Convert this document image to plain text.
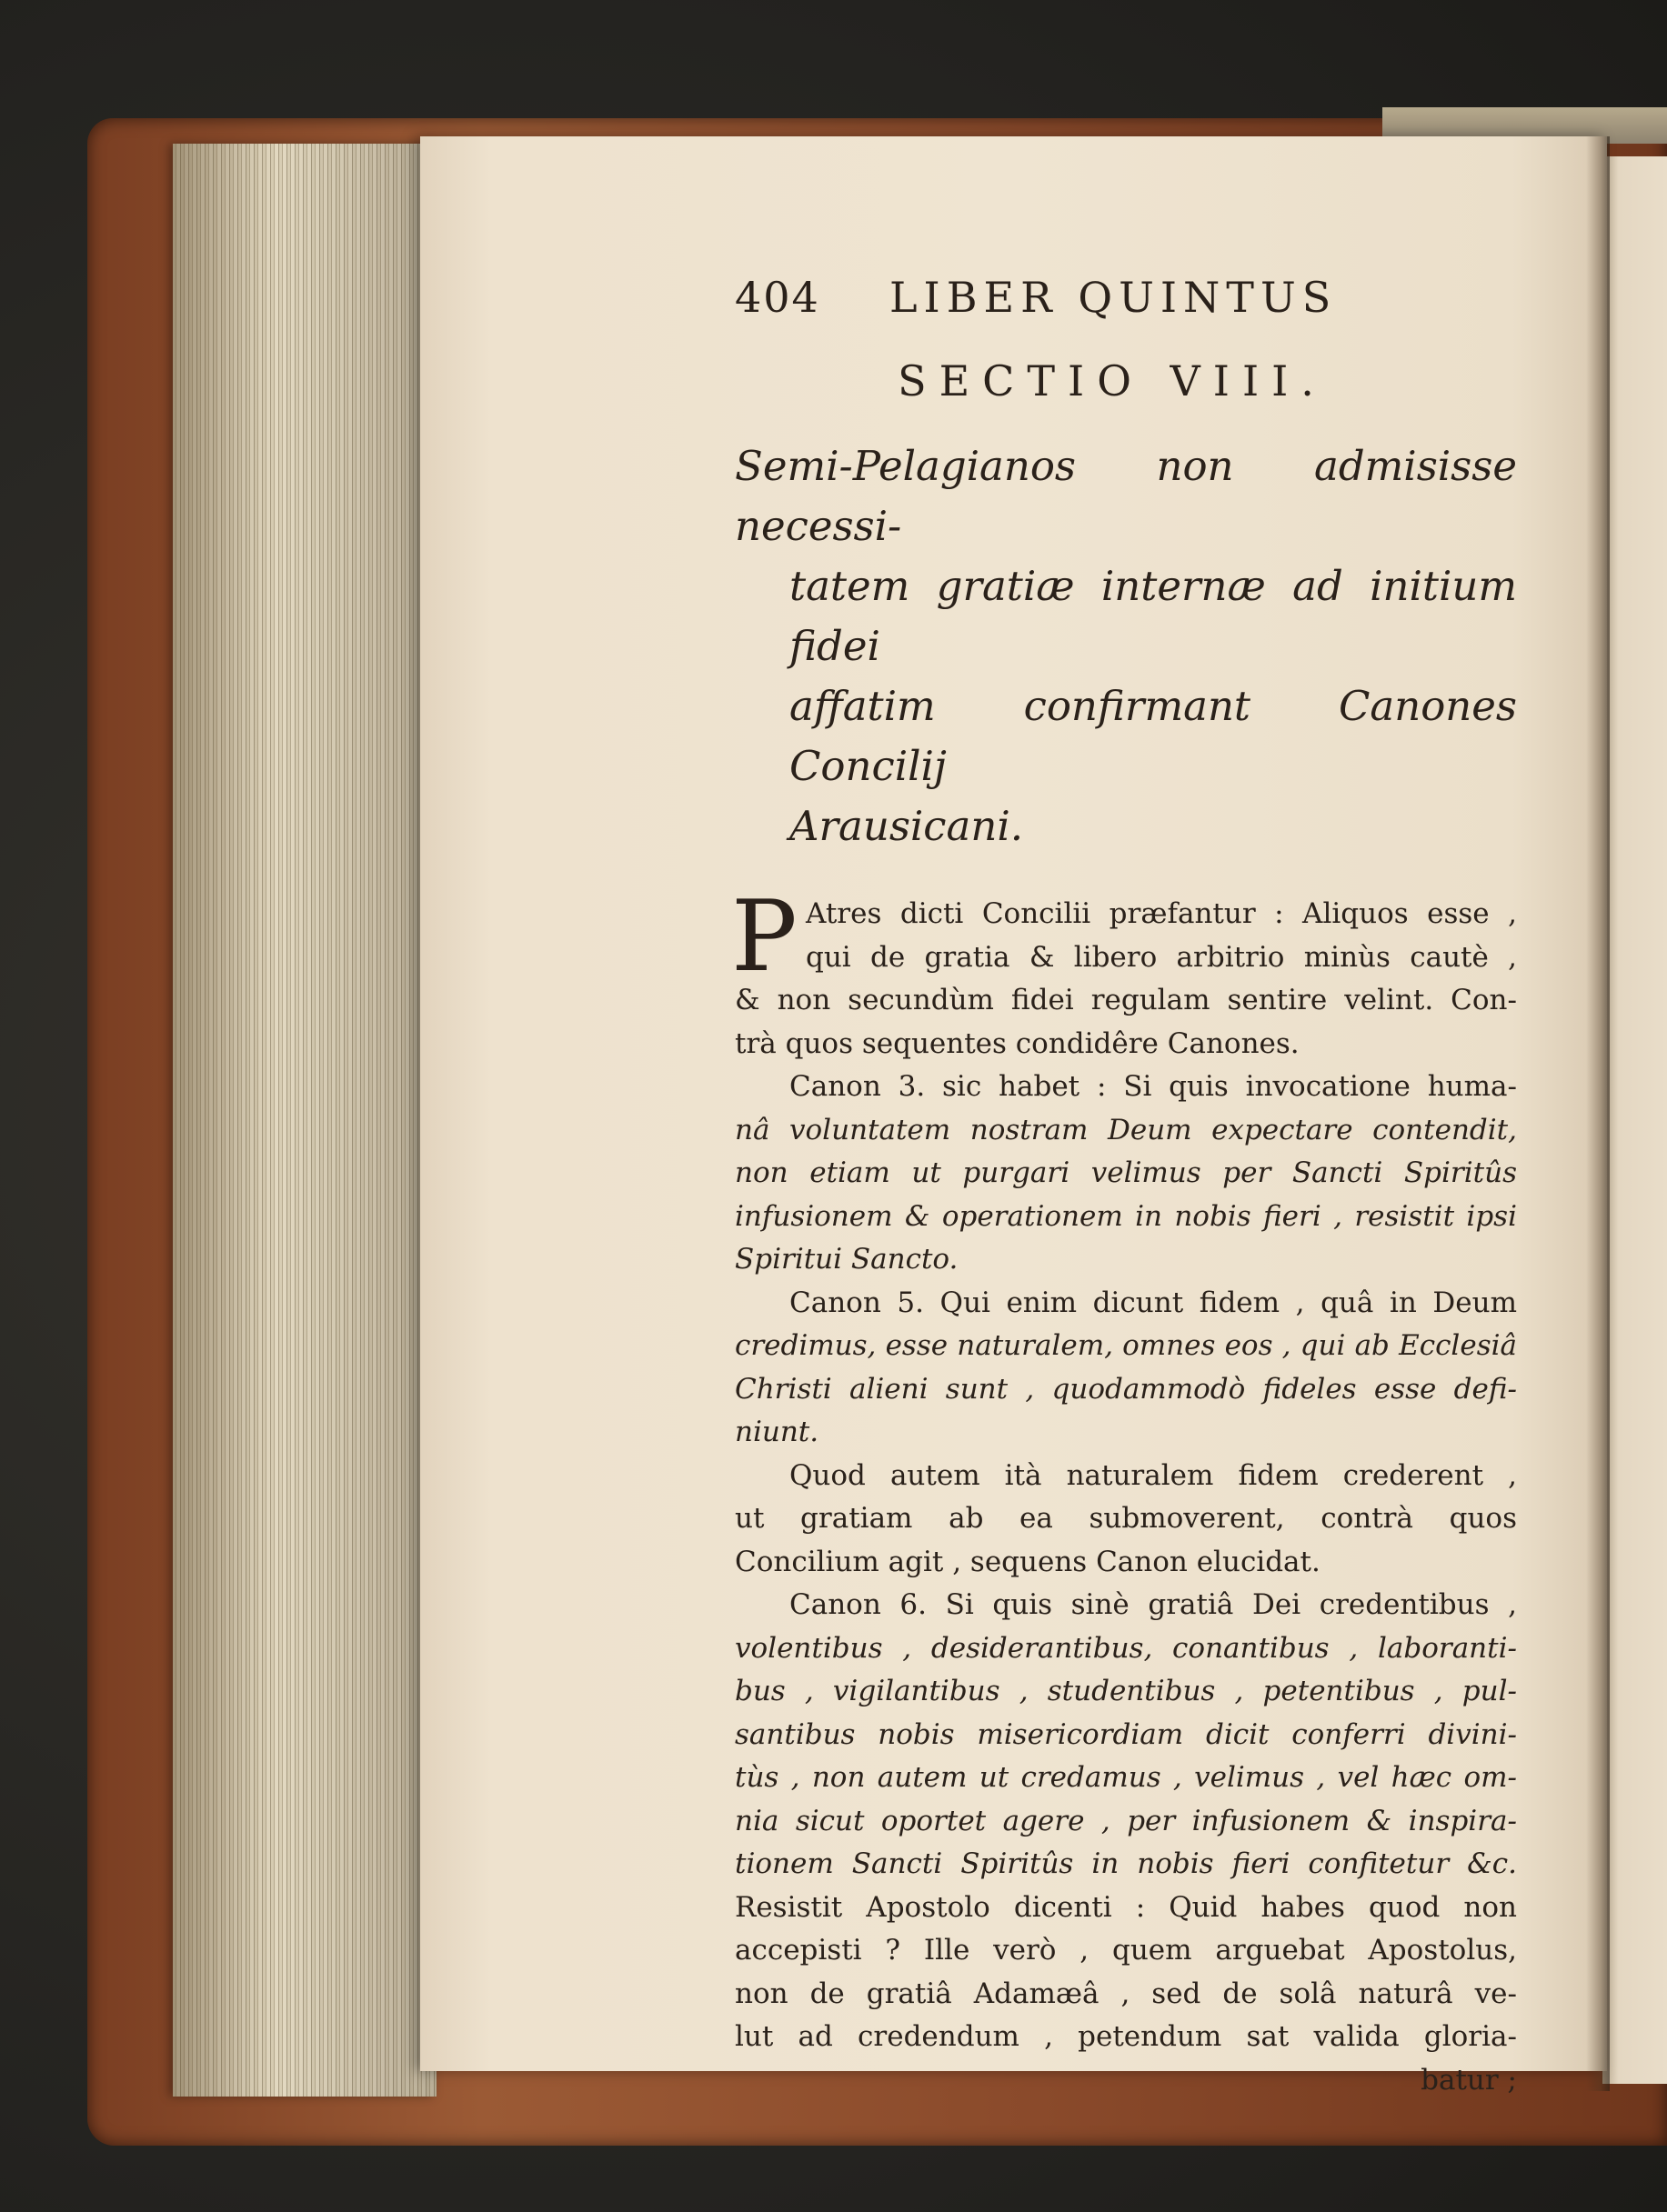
404	LIBER QUINTUS
SECTIO VIII.
Semi-Pelagianos non admisisse necessi-
tatem gratiæ internæ ad initium fidei
affatim confirmant Canones Concilij
Arausicani.
P Atres dicti Concilii præfantur : Aliquos esse ,
qui de gratia & libero arbitrio minùs cautè ,
& non secundùm fidei regulam sentire velint. Con-
trà quos sequentes condidêre Canones.
Canon 3. sic habet : Si quis invocatione huma-
nâ voluntatem nostram Deum expectare contendit,
non etiam ut purgari velimus per Sancti Spiritûs
infusionem & operationem in nobis fieri , resistit ipsi
Spiritui Sancto.
Canon 5. Qui enim dicunt fidem , quâ in Deum
credimus, esse naturalem, omnes eos , qui ab Ecclesiâ
Christi alieni sunt , quodammodò fideles esse defi-
niunt.
Quod autem ità naturalem fidem crederent ,
ut gratiam ab ea submoverent, contrà quos
Concilium agit , sequens Canon elucidat.
Canon 6. Si quis sinè gratiâ Dei credentibus ,
volentibus , desiderantibus, conantibus , laboranti-
bus , vigilantibus , studentibus , petentibus , pul-
santibus nobis misericordiam dicit conferri divini-
tùs , non autem ut credamus , velimus , vel hæc om-
nia sicut oportet agere , per infusionem & inspira-
tionem Sancti Spiritûs in nobis fieri confitetur &c.
Resistit Apostolo dicenti : Quid habes quod non
accepisti ? Ille verò , quem arguebat Apostolus,
non de gratiâ Adamæâ , sed de solâ naturâ ve-
lut ad credendum , petendum sat valida gloria-
batur ;
